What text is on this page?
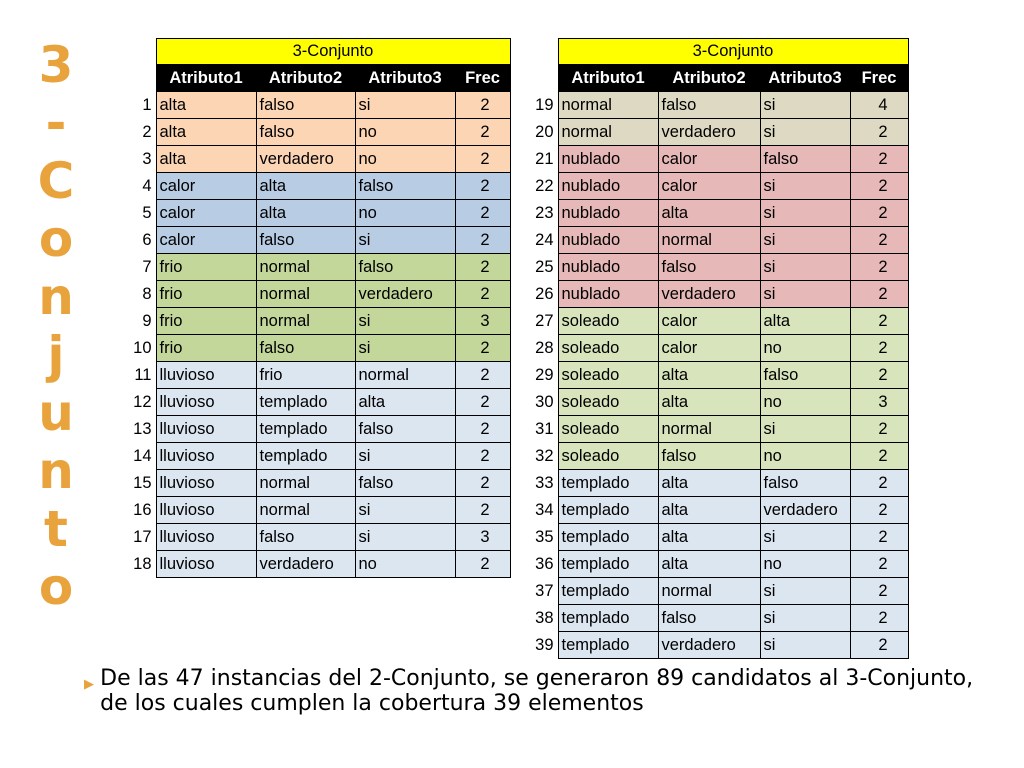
3
-
C
o
n
j
u
n
t
o
	3-Conjunto			
	Atributo1	Atributo2	Atributo3	Frec
1	alta	falso	si	2
2	alta	falso	no	2
3	alta	verdadero	no	2
4	calor	alta	falso	2
5	calor	alta	no	2
6	calor	falso	si	2
7	frio	normal	falso	2
8	frio	normal	verdadero	2
9	frio	normal	si	3
10	frio	falso	si	2
11	lluvioso	frio	normal	2
12	lluvioso	templado	alta	2
13	lluvioso	templado	falso	2
14	lluvioso	templado	si	2
15	lluvioso	normal	falso	2
16	lluvioso	normal	si	2
17	lluvioso	falso	si	3
18	lluvioso	verdadero	no	2
	3-Conjunto			
	Atributo1	Atributo2	Atributo3	Frec
19	normal	falso	si	4
20	normal	verdadero	si	2
21	nublado	calor	falso	2
22	nublado	calor	si	2
23	nublado	alta	si	2
24	nublado	normal	si	2
25	nublado	falso	si	2
26	nublado	verdadero	si	2
27	soleado	calor	alta	2
28	soleado	calor	no	2
29	soleado	alta	falso	2
30	soleado	alta	no	3
31	soleado	normal	si	2
32	soleado	falso	no	2
33	templado	alta	falso	2
34	templado	alta	verdadero	2
35	templado	alta	si	2
36	templado	alta	no	2
37	templado	normal	si	2
38	templado	falso	si	2
39	templado	verdadero	si	2
▶ De las 47 instancias del 2-Conjunto, se generaron 89 candidatos al 3-Conjunto, de los cuales cumplen la cobertura 39 elementos
